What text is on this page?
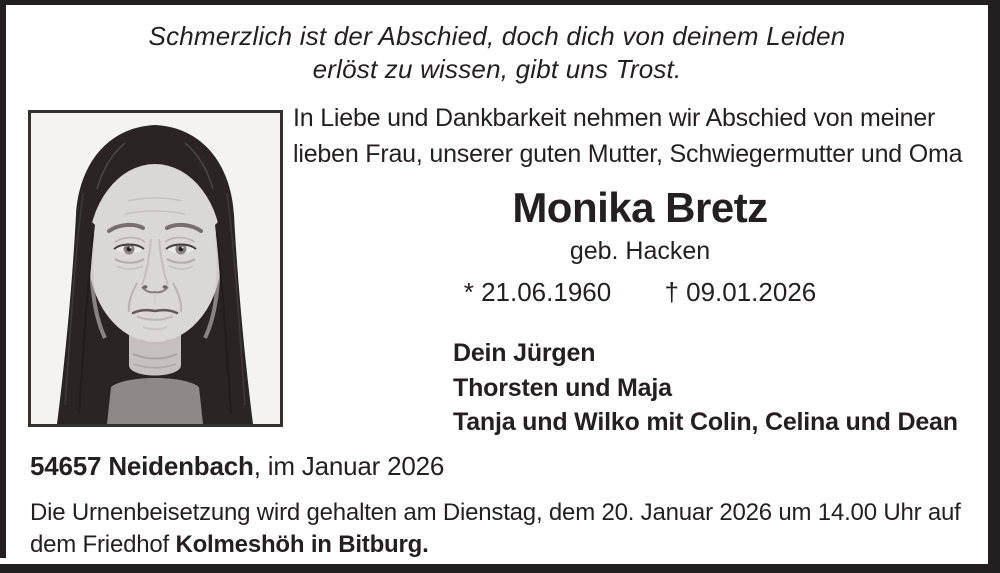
Schmerzlich ist der Abschied, doch dich von deinem Leiden
erlöst zu wissen, gibt uns Trost.
In Liebe und Dankbarkeit nehmen wir Abschied von meiner
lieben Frau, unserer guten Mutter, Schwiegermutter und Oma
Monika Bretz
geb. Hacken
* 21.06.1960 † 09.01.2026
Dein Jürgen
Thorsten und Maja
Tanja und Wilko mit Colin, Celina und Dean
54657 Neidenbach, im Januar 2026
Die Urnenbeisetzung wird gehalten am Dienstag, dem 20. Januar 2026 um 14.00 Uhr auf
dem Friedhof Kolmeshöh in Bitburg.
